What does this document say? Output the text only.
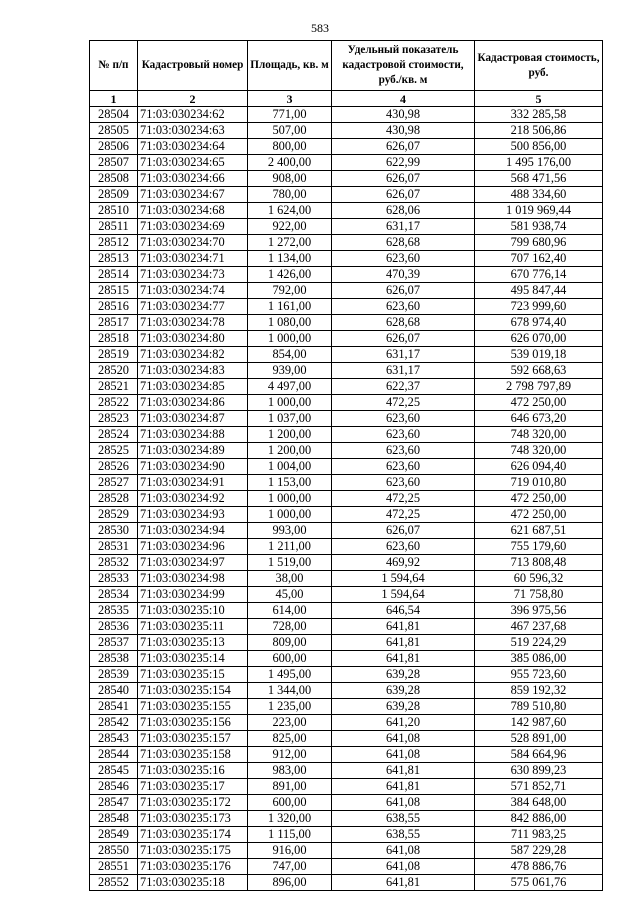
583
№ п/п	Кадастровый номер	Площадь, кв. м	Удельный показатель кадастровой стоимости, руб./кв. м	Кадастровая стоимость, руб.
1	2	3	4	5
28504	71:03:030234:62	771,00	430,98	332 285,58
28505	71:03:030234:63	507,00	430,98	218 506,86
28506	71:03:030234:64	800,00	626,07	500 856,00
28507	71:03:030234:65	2 400,00	622,99	1 495 176,00
28508	71:03:030234:66	908,00	626,07	568 471,56
28509	71:03:030234:67	780,00	626,07	488 334,60
28510	71:03:030234:68	1 624,00	628,06	1 019 969,44
28511	71:03:030234:69	922,00	631,17	581 938,74
28512	71:03:030234:70	1 272,00	628,68	799 680,96
28513	71:03:030234:71	1 134,00	623,60	707 162,40
28514	71:03:030234:73	1 426,00	470,39	670 776,14
28515	71:03:030234:74	792,00	626,07	495 847,44
28516	71:03:030234:77	1 161,00	623,60	723 999,60
28517	71:03:030234:78	1 080,00	628,68	678 974,40
28518	71:03:030234:80	1 000,00	626,07	626 070,00
28519	71:03:030234:82	854,00	631,17	539 019,18
28520	71:03:030234:83	939,00	631,17	592 668,63
28521	71:03:030234:85	4 497,00	622,37	2 798 797,89
28522	71:03:030234:86	1 000,00	472,25	472 250,00
28523	71:03:030234:87	1 037,00	623,60	646 673,20
28524	71:03:030234:88	1 200,00	623,60	748 320,00
28525	71:03:030234:89	1 200,00	623,60	748 320,00
28526	71:03:030234:90	1 004,00	623,60	626 094,40
28527	71:03:030234:91	1 153,00	623,60	719 010,80
28528	71:03:030234:92	1 000,00	472,25	472 250,00
28529	71:03:030234:93	1 000,00	472,25	472 250,00
28530	71:03:030234:94	993,00	626,07	621 687,51
28531	71:03:030234:96	1 211,00	623,60	755 179,60
28532	71:03:030234:97	1 519,00	469,92	713 808,48
28533	71:03:030234:98	38,00	1 594,64	60 596,32
28534	71:03:030234:99	45,00	1 594,64	71 758,80
28535	71:03:030235:10	614,00	646,54	396 975,56
28536	71:03:030235:11	728,00	641,81	467 237,68
28537	71:03:030235:13	809,00	641,81	519 224,29
28538	71:03:030235:14	600,00	641,81	385 086,00
28539	71:03:030235:15	1 495,00	639,28	955 723,60
28540	71:03:030235:154	1 344,00	639,28	859 192,32
28541	71:03:030235:155	1 235,00	639,28	789 510,80
28542	71:03:030235:156	223,00	641,20	142 987,60
28543	71:03:030235:157	825,00	641,08	528 891,00
28544	71:03:030235:158	912,00	641,08	584 664,96
28545	71:03:030235:16	983,00	641,81	630 899,23
28546	71:03:030235:17	891,00	641,81	571 852,71
28547	71:03:030235:172	600,00	641,08	384 648,00
28548	71:03:030235:173	1 320,00	638,55	842 886,00
28549	71:03:030235:174	1 115,00	638,55	711 983,25
28550	71:03:030235:175	916,00	641,08	587 229,28
28551	71:03:030235:176	747,00	641,08	478 886,76
28552	71:03:030235:18	896,00	641,81	575 061,76
